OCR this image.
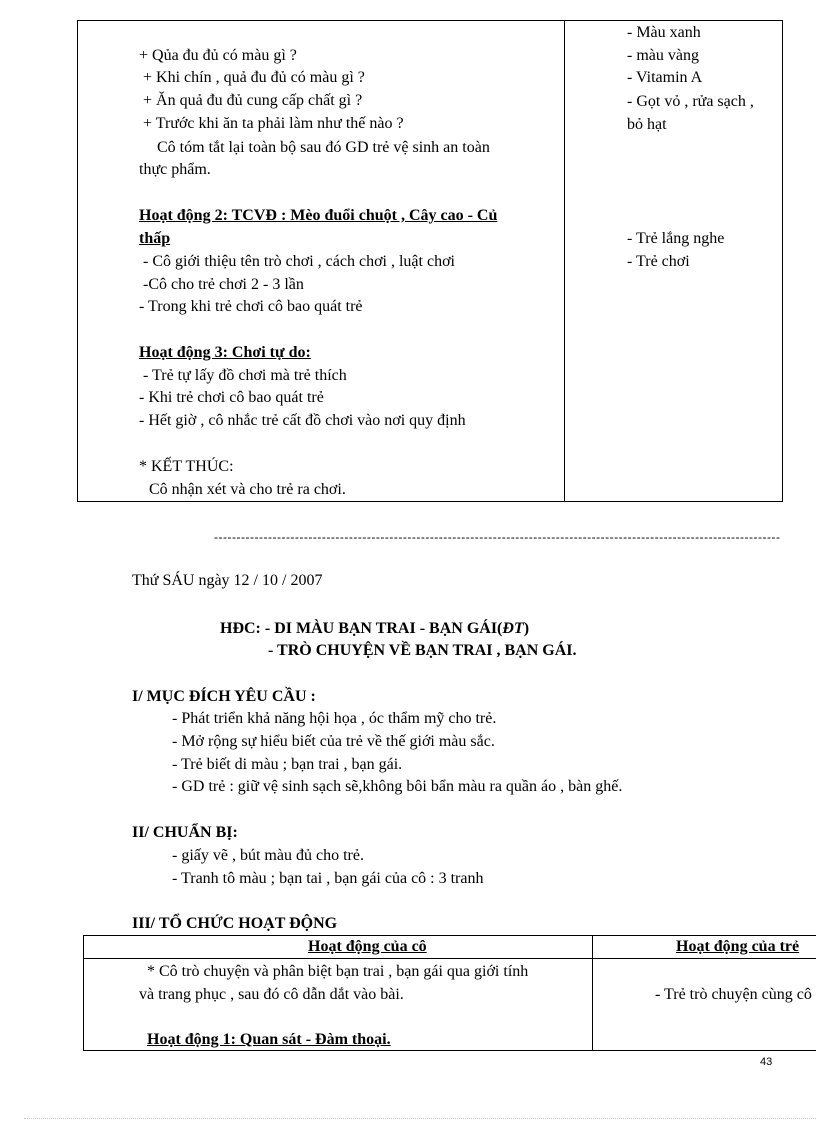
+ Qủa đu đủ có màu gì ?
+ Khi chín , quả đu đủ có màu gì ?
+ Ăn quả đu đủ cung cấp chất gì ?
+ Trước khi ăn ta phải làm như thế nào ?
Cô tóm tắt lại toàn bộ sau đó GD trẻ vệ sinh an toàn
thực phẩm.
Hoạt động 2: TCVĐ : Mèo đuổi chuột , Cây cao - Củ
thấp
- Cô giới thiệu tên trò chơi , cách chơi , luật chơi
-Cô cho trẻ chơi 2 - 3 lần
- Trong khi trẻ chơi cô bao quát trẻ
Hoạt động 3: Chơi tự do:
- Trẻ tự lấy đồ chơi mà trẻ thích
- Khi trẻ chơi cô bao quát trẻ
- Hết giờ , cô nhắc trẻ cất đồ chơi vào nơi quy định
* KẾT THÚC:
Cô nhận xét và cho trẻ ra chơi.
- Màu xanh
- màu vàng
- Vitamin A
- Gọt vỏ , rửa sạch ,
bỏ hạt
- Trẻ lắng nghe
- Trẻ chơi
------------------------------------------------------------------------------------------------------------------------------
Thứ SÁU ngày 12 / 10 / 2007
HĐC: - DI MÀU BẠN TRAI - BẠN GÁI(ĐT)
- TRÒ CHUYỆN VỀ BẠN TRAI , BẠN GÁI.
I/ MỤC ĐÍCH YÊU CẦU :
- Phát triển khả năng hội họa , óc thẩm mỹ cho trẻ.
- Mở rộng sự hiểu biết của trẻ về thế giới màu sắc.
- Trẻ biết di màu ; bạn trai , bạn gái.
- GD trẻ : giữ vệ sinh sạch sẽ,không bôi bẩn màu ra quần áo , bàn ghế.
II/ CHUẨN BỊ:
- giấy vẽ , bút màu đủ cho trẻ.
- Tranh tô màu ; bạn tai , bạn gái của cô : 3 tranh
III/ TỔ CHỨC HOẠT ĐỘNG
Hoạt động của cô	Hoạt động của trẻ
* Cô trò chuyện và phân biệt bạn trai , bạn gái qua giới tính
và trang phục , sau đó cô dẫn dắt vào bài.
Hoạt động 1: Quan sát - Đàm thoại.
- Trẻ trò chuyện cùng cô
43
